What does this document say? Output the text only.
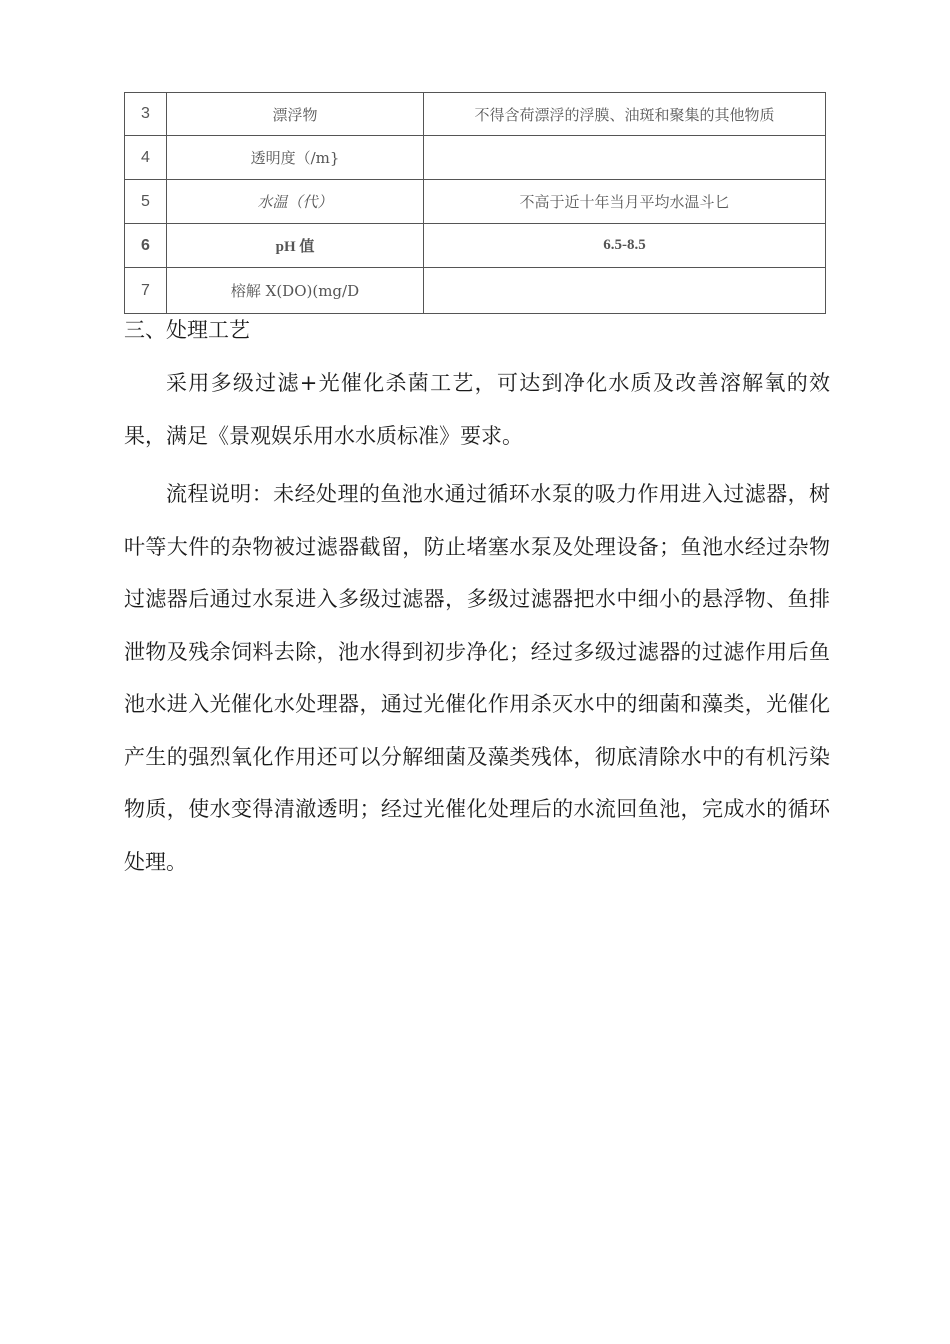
3	漂浮物	不得含荷漂浮的浮膜、油斑和聚集的其他物质
4	透明度（/m}	
5	水温（代）	不高于近十年当月平均水温斗匕
6	pH 值	6.5-8.5
7	榕解 X(DO)(mg/D	
三、处理工艺

采用多级过滤+光催化杀菌工艺，可达到净化水质及改善溶解氧的效果，满足《景观娱乐用水水质标准》要求。

流程说明：未经处理的鱼池水通过循环水泵的吸力作用进入过滤器，树叶等大件的杂物被过滤器截留，防止堵塞水泵及处理设备；鱼池水经过杂物过滤器后通过水泵进入多级过滤器，多级过滤器把水中细小的悬浮物、鱼排泄物及残余饲料去除，池水得到初步净化；经过多级过滤器的过滤作用后鱼池水进入光催化水处理器，通过光催化作用杀灭水中的细菌和藻类，光催化产生的强烈氧化作用还可以分解细菌及藻类残体，彻底清除水中的有机污染物质，使水变得清澈透明；经过光催化处理后的水流回鱼池，完成水的循环处理。
